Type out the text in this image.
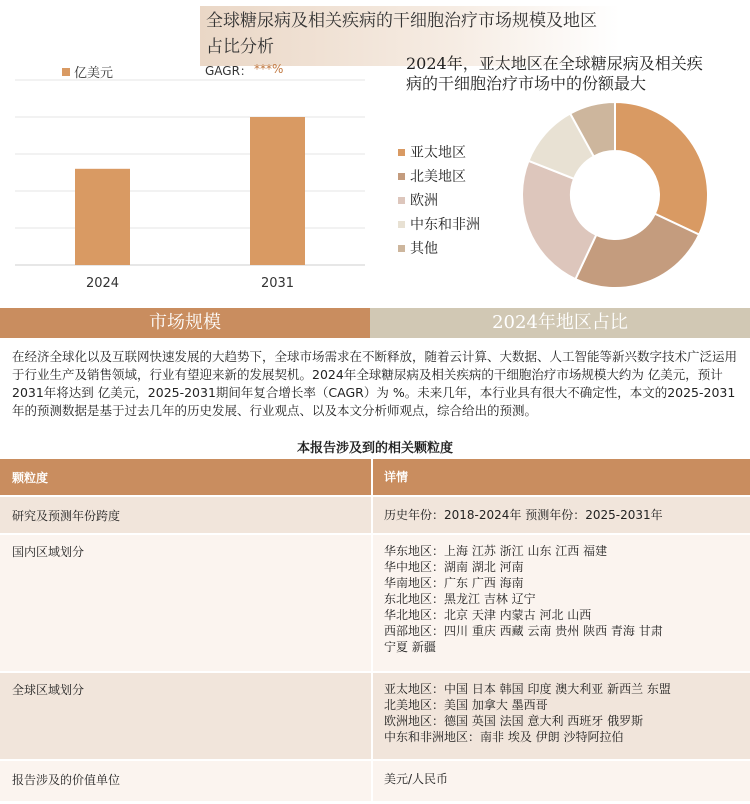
全球糖尿病及相关疾病的干细胞治疗市场规模及地区占比分析
2024	2031
亿美元	GAGR： ***%	2024年，亚太地区在全球糖尿病及相关疾病的干细胞治疗市场中的份额最大
亚太地区
北美地区
欧洲
中东和非洲
其他
市场规模	2024年地区占比
在经济全球化以及互联网快速发展的大趋势下，全球市场需求在不断释放，随着云计算、大数据、人工智能等新兴数字技术广泛运用于行业生产及销售领域，行业有望迎来新的发展契机。2024年全球糖尿病及相关疾病的干细胞治疗市场规模大约为 亿美元，预计2031年将达到 亿美元，2025-2031期间年复合增长率（CAGR）为 %。未来几年，本行业具有很大不确定性，本文的2025-2031年的预测数据是基于过去几年的历史发展、行业观点、以及本文分析师观点，综合给出的预测。
本报告涉及到的相关颗粒度
颗粒度	详情
研究及预测年份跨度	历史年份：2018-2024年 预测年份：2025-2031年
国内区域划分	华东地区：上海 江苏 浙江 山东 江西 福建
华中地区：湖南 湖北 河南
华南地区：广东 广西 海南
东北地区：黑龙江 吉林 辽宁
华北地区：北京 天津 内蒙古 河北 山西
西部地区：四川 重庆 西藏 云南 贵州 陕西 青海 甘肃
宁夏 新疆
全球区域划分	亚太地区：中国 日本 韩国 印度 澳大利亚 新西兰 东盟
北美地区：美国 加拿大 墨西哥
欧洲地区：德国 英国 法国 意大利 西班牙 俄罗斯
中东和非洲地区：南非 埃及 伊朗 沙特阿拉伯
报告涉及的价值单位	美元/人民币
